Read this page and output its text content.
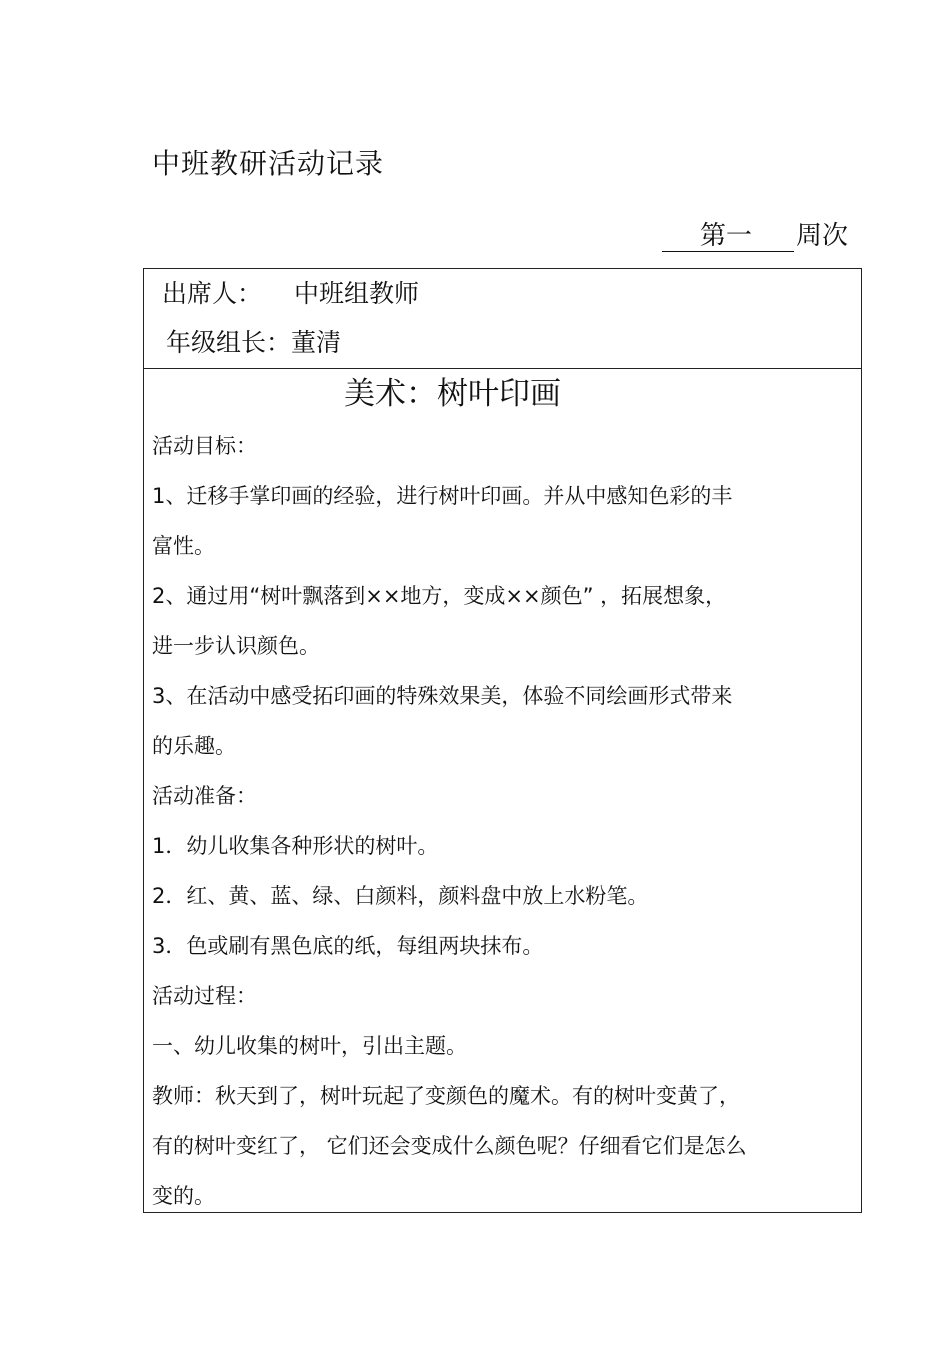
中班教研活动记录
第一 周次
出席人： 中班组教师
年级组长：董清
美术：树叶印画
活动目标：
1、迁移手掌印画的经验，进行树叶印画。并从中感知色彩的丰
富性。
2、通过用“树叶飘落到××地方，变成××颜色” ，拓展想象，
进一步认识颜色。
3、在活动中感受拓印画的特殊效果美，体验不同绘画形式带来
的乐趣。
活动准备：
1．幼儿收集各种形状的树叶。
2．红、黄、蓝、绿、白颜料，颜料盘中放上水粉笔。
3．色或刷有黑色底的纸，每组两块抹布。
活动过程：
一、幼儿收集的树叶，引出主题。
教师：秋天到了，树叶玩起了变颜色的魔术。有的树叶变黄了，
有的树叶变红了， 它们还会变成什么颜色呢？仔细看它们是怎么
变的。
